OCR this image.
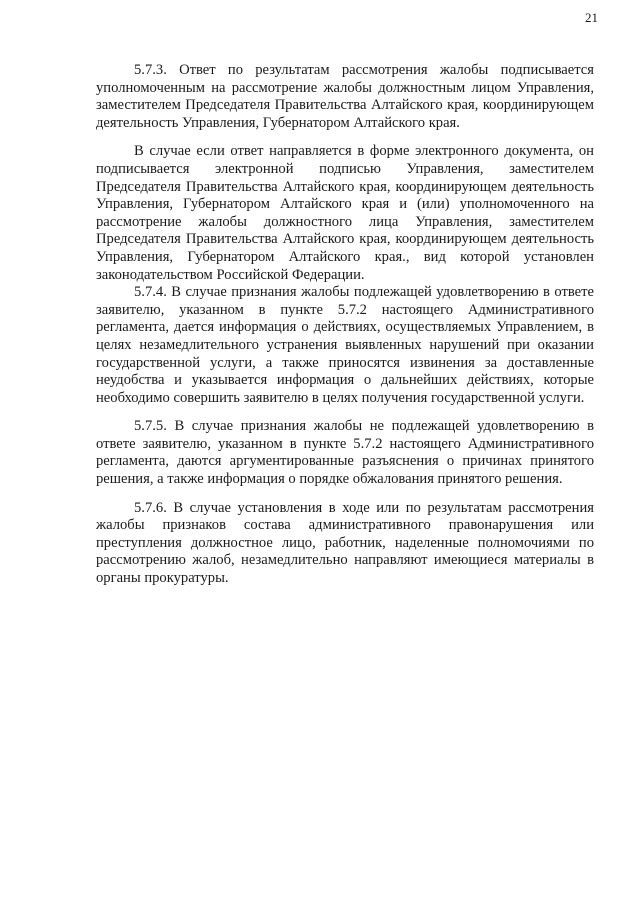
21

5.7.3. Ответ по результатам рассмотрения жалобы подписывается уполномоченным на рассмотрение жалобы должностным лицом Управления, заместителем Председателя Правительства Алтайского края, координирующем деятельность Управления, Губернатором Алтайского края.

В случае если ответ направляется в форме электронного документа, он подписывается электронной подписью Управления, заместителем Председателя Правительства Алтайского края, координирующем деятельность Управления, Губернатором Алтайского края и (или) уполномоченного на рассмотрение жалобы должностного лица Управления, заместителем Председателя Правительства Алтайского края, координирующем деятельность Управления, Губернатором Алтайского края., вид которой установлен законодательством Российской Федерации.

5.7.4. В случае признания жалобы подлежащей удовлетворению в ответе заявителю, указанном в пункте 5.7.2 настоящего Административного регламента, дается информация о действиях, осуществляемых Управлением, в целях незамедлительного устранения выявленных нарушений при оказании государственной услуги, а также приносятся извинения за доставленные неудобства и указывается информация о дальнейших действиях, которые необходимо совершить заявителю в целях получения государственной услуги.

5.7.5. В случае признания жалобы не подлежащей удовлетворению в ответе заявителю, указанном в пункте 5.7.2 настоящего Административного регламента, даются аргументированные разъяснения о причинах принятого решения, а также информация о порядке обжалования принятого решения.

5.7.6. В случае установления в ходе или по результатам рассмотрения жалобы признаков состава административного правонарушения или преступления должностное лицо, работник, наделенные полномочиями по рассмотрению жалоб, незамедлительно направляют имеющиеся материалы в органы прокуратуры.
